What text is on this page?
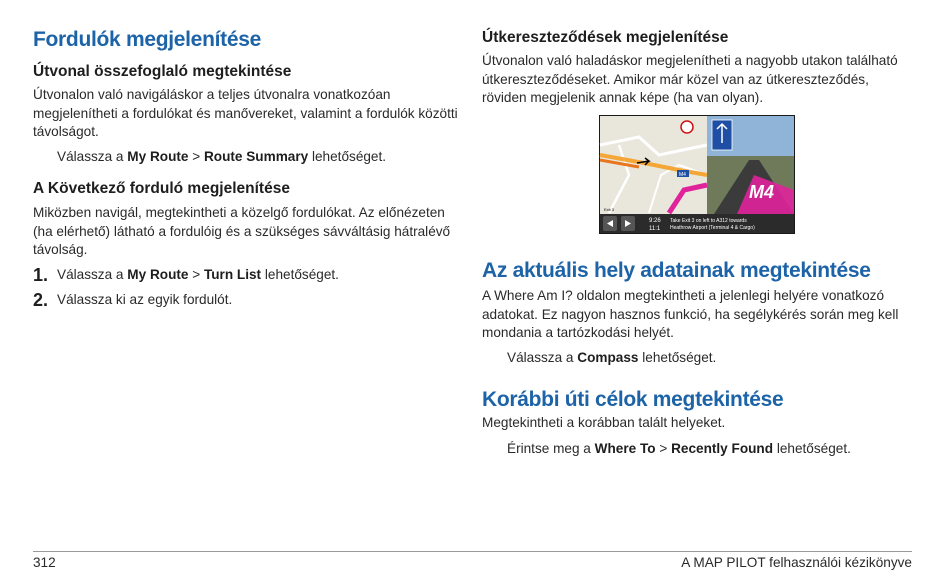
Fordulók megjelenítése
Útvonal összefoglaló megtekintése
Útvonalon való navigáláskor a teljes útvonalra vonatkozóan
megjelenítheti a fordulókat és manővereket, valamint a fordulók közötti
távolságot.
Válassza a My Route > Route Summary lehetőséget.
A Következő forduló megjelenítése
Miközben navigál, megtekintheti a közelgő fordulókat. Az előnézeten
(ha elérhető) látható a fordulóig és a szükséges sávváltásig hátralévő
távolság.
1. Válassza a My Route > Turn List lehetőséget.
2. Válassza ki az egyik fordulót.
Útkereszteződések megjelenítése
Útvonalon való haladáskor megjelenítheti a nagyobb utakon található
útkereszteződéseket. Amikor már közel van az útkereszteződés,
röviden megjelenik annak képe (ha van olyan).
M4
M4
Exit 3
9:26
11:1
Take Exit 3 on left to A312 towards
Heathrow Airport (Terminal 4 & Cargo)
Az aktuális hely adatainak megtekintése
A Where Am I? oldalon megtekintheti a jelenlegi helyére vonatkozó
adatokat. Ez nagyon hasznos funkció, ha segélykérés során meg kell
mondania a tartózkodási helyét.
Válassza a Compass lehetőséget.
Korábbi úti célok megtekintése
Megtekintheti a korábban talált helyeket.
Érintse meg a Where To > Recently Found lehetőséget.
312	A MAP PILOT felhasználói kézikönyve
